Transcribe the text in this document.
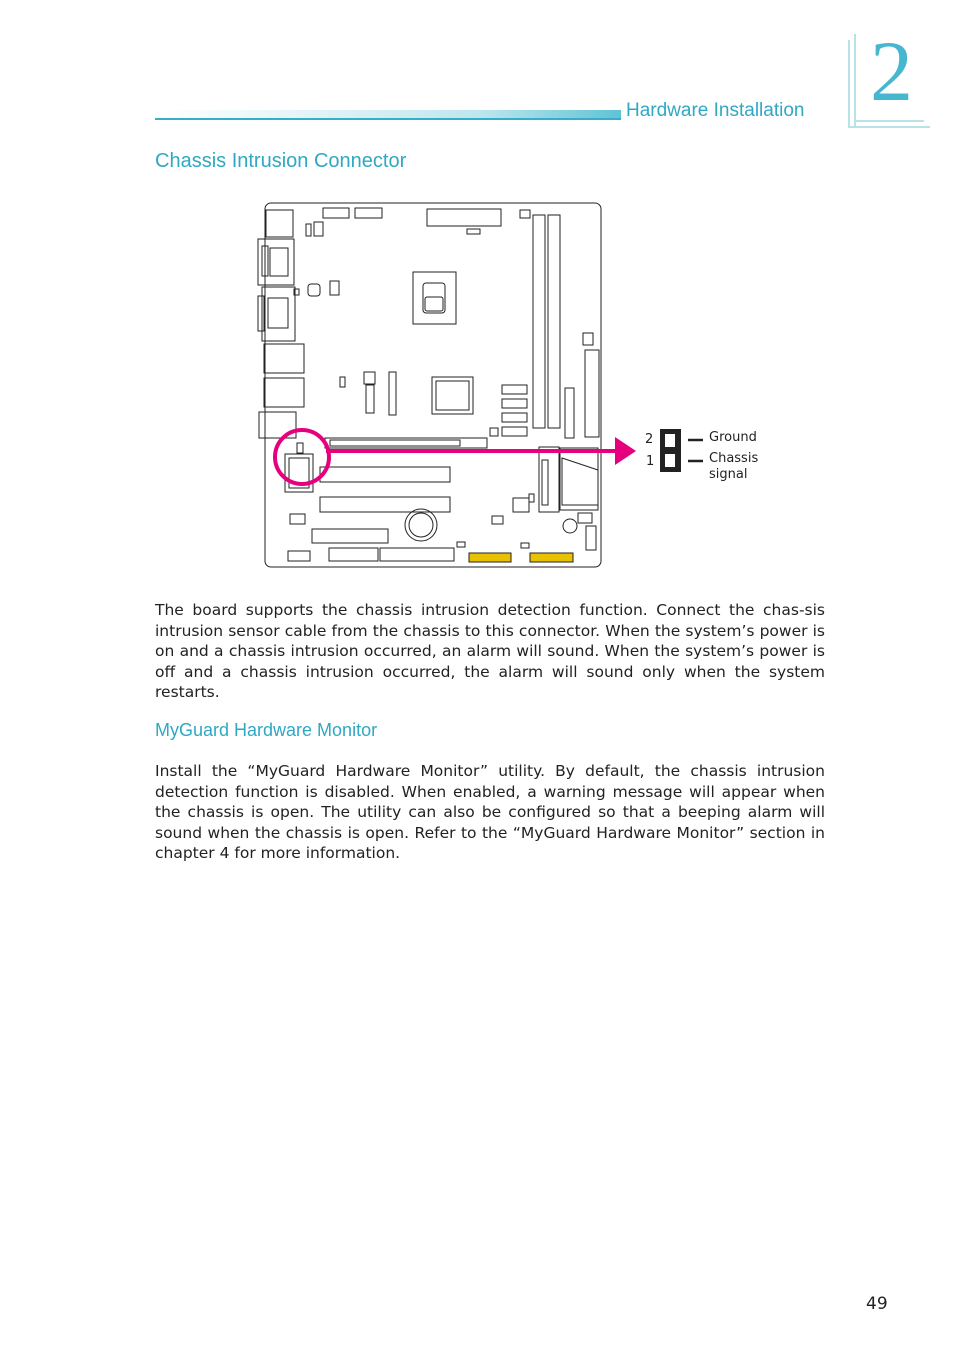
Hardware Installation 2
Chassis Intrusion Connector
2
1
Ground
Chassis
signal
The board supports the chassis intrusion detection function. Connect the chas-sis intrusion sensor cable from the chassis to this connector. When the system’s power is on and a chassis intrusion occurred, an alarm will sound. When the system’s power is off and a chassis intrusion occurred, the alarm will sound only when the system restarts.
MyGuard Hardware Monitor
Install the “MyGuard Hardware Monitor” utility. By default, the chassis intrusion detection function is disabled. When enabled, a warning message will appear when the chassis is open. The utility can also be configured so that a beeping alarm will sound when the chassis is open. Refer to the “MyGuard Hardware Monitor” section in chapter 4 for more information.
49
